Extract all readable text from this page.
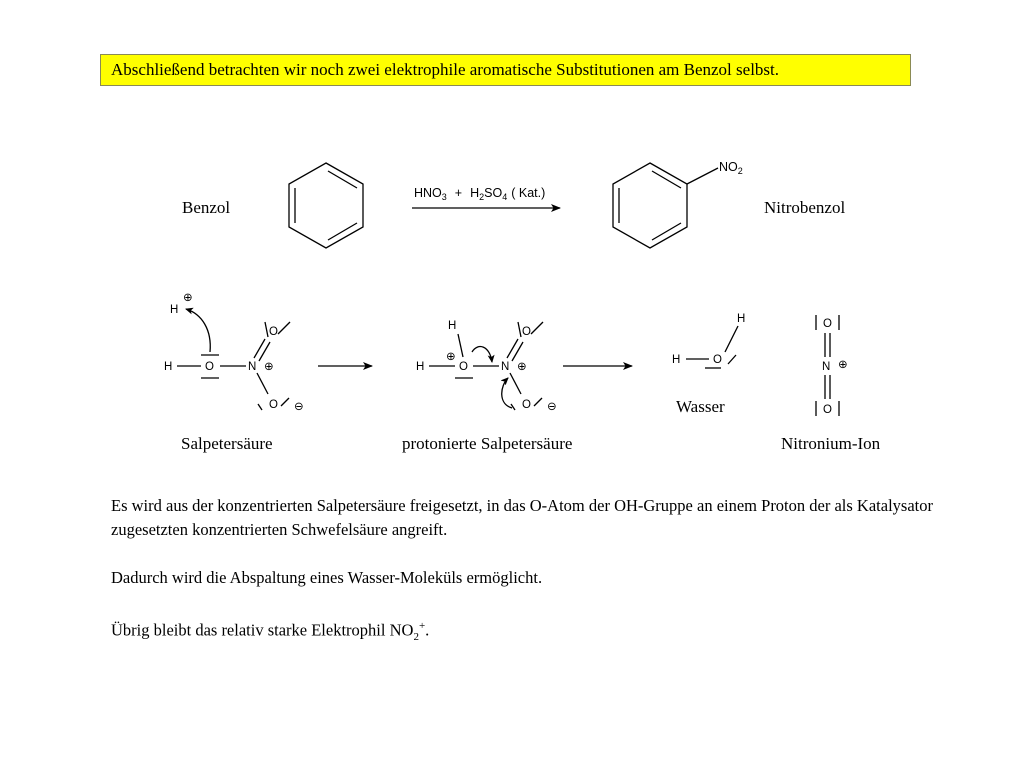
Abschließend betrachten wir noch zwei elektrophile aromatische Substitutionen am Benzol selbst.
Benzol	Nitrobenzol
Salpetersäure	protonierte Salpetersäure
Wasser
Nitronium-Ion
$HNO_3 + H_2SO_4$ ( Kat.)
$NO_2$
H
⊕
H	O	N ⊕
O
O ⊖
H
H
⊕
O	N ⊕
O
O ⊖
H
H	O
O
N ⊕
O

Es wird aus der konzentrierten Salpetersäure freigesetzt, in das O-Atom der OH-Gruppe an einem Proton der als Katalysator zugesetzten konzentrierten Schwefelsäure angreift.

Dadurch wird die Abspaltung eines Wasser-Moleküls ermöglicht.

Übrig bleibt das relativ starke Elektrophil $NO_2^+$.
